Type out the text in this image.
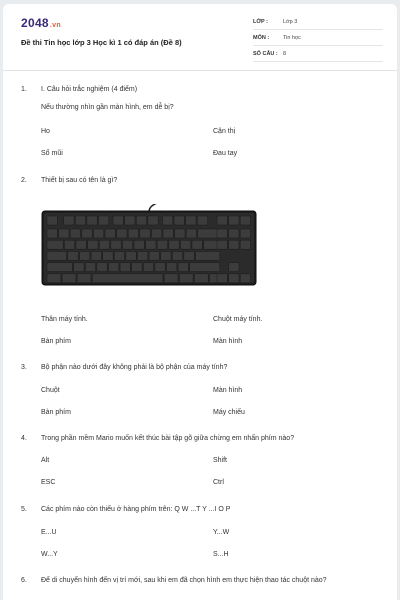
2048.vn
Đề thi Tin học lớp 3 Học kì 1 có đáp án (Đề 8)
LỚP :	Lớp 3
MÔN :	Tin học
SỐ CÂU : 8
1.	I. Câu hỏi trắc nghiệm (4 điểm)
Nếu thường nhìn gần màn hình, em dễ bị?
Ho	Cận thị
Sổ mũi	Đau tay
2.	Thiết bị sau có tên là gì?
Thân máy tính.	Chuột máy tính.
Bàn phím	Màn hình
3.	Bộ phận nào dưới đây không phải là bộ phận của máy tính?
Chuột	Màn hình
Bàn phím	Máy chiếu
4.	Trong phần mềm Mario muốn kết thúc bài tập gõ giữa chừng em nhấn phím nào?
Alt	Shift
ESC	Ctrl
5.	Các phím nào còn thiếu ở hàng phím trên: Q W ...T Y ...I O P
E...U	Y...W
W...Y	S...H
6.	Để di chuyển hình đến vị trí mới, sau khi em đã chọn hình em thực hiện thao tác chuột nào?
